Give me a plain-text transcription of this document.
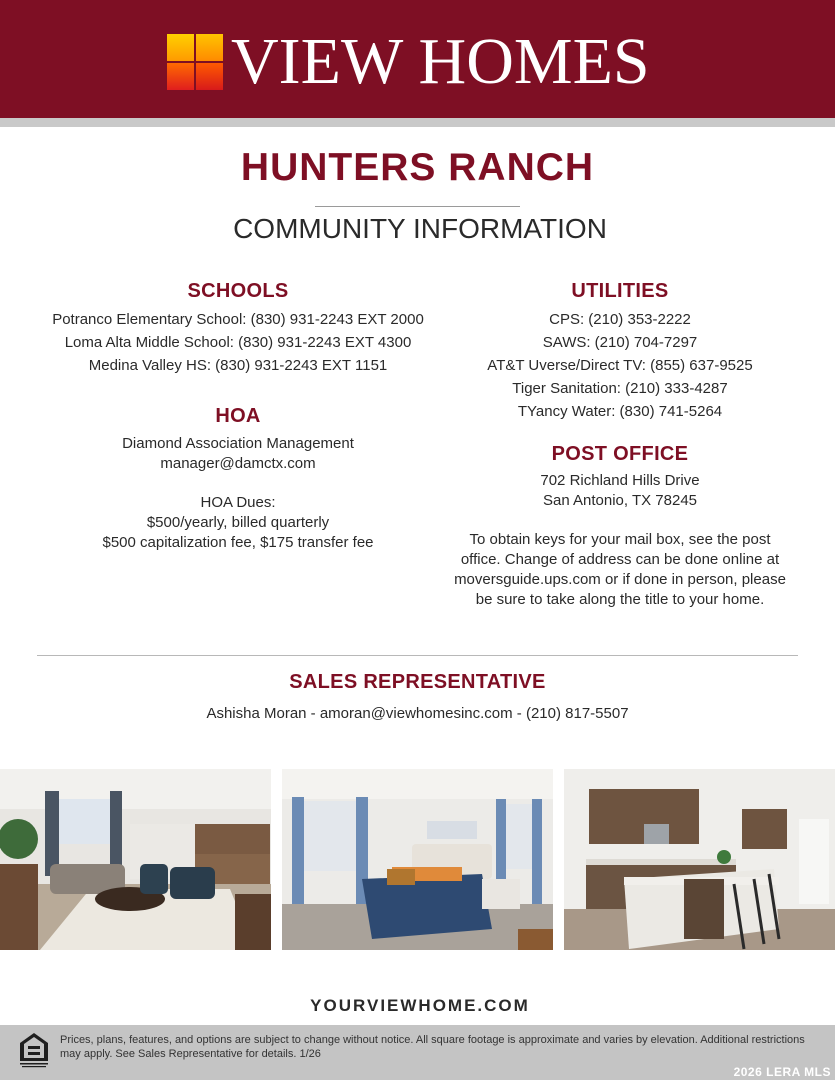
VIEW HOMES
HUNTERS RANCH
COMMUNITY INFORMATION
SCHOOLS
Potranco Elementary School: (830) 931-2243 EXT 2000
Loma Alta Middle School: (830) 931-2243 EXT 4300
Medina Valley HS: (830) 931-2243 EXT 1151
HOA
Diamond Association Management
manager@damctx.com
HOA Dues:
$500/yearly, billed quarterly
$500 capitalization fee, $175 transfer fee
UTILITIES
CPS: (210) 353-2222
SAWS: (210) 704-7297
AT&T Uverse/Direct TV: (855) 637-9525
Tiger Sanitation: (210) 333-4287
TYancy Water: (830) 741-5264
POST OFFICE
702 Richland Hills Drive
San Antonio, TX 78245
To obtain keys for your mail box, see the post
office. Change of address can be done online at
moversguide.ups.com or if done in person, please
be sure to take along the title to your home.
SALES REPRESENTATIVE
Ashisha Moran - amoran@viewhomesinc.com - (210) 817-5507
YOURVIEWHOME.COM
Prices, plans, features, and options are subject to change without notice. All square footage is approximate and varies by elevation. Additional restrictions may apply. See Sales Representative for details. 1/26
2026 LERA MLS
